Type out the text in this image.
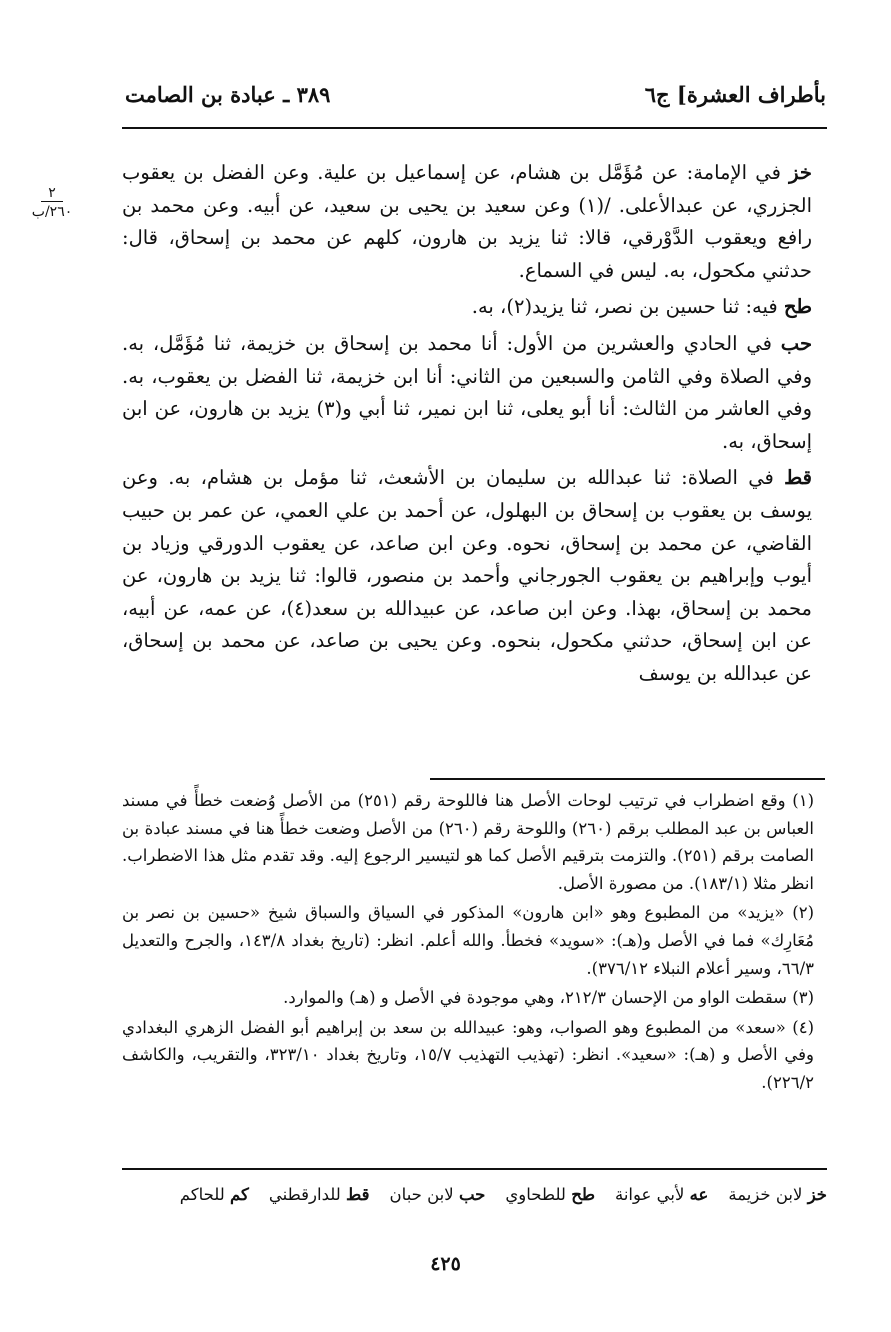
بأطراف العشرة] ج٦
٣٨٩ ـ عبادة بن الصامت
٢
٢٦٠/ب

خز في الإمامة: عن مُؤَمَّل بن هشام، عن إسماعيل بن علية. وعن الفضل بن يعقوب الجزري، عن عبدالأعلى. /(١) وعن سعيد بن يحيى بن سعيد، عن أبيه. وعن محمد بن رافع ويعقوب الدَّوْرقي، قالا: ثنا يزيد بن هارون، كلهم عن محمد بن إسحاق، قال: حدثني مكحول، به. ليس في السماع.

طح فيه: ثنا حسين بن نصر، ثنا يزيد(٢)، به.

حب في الحادي والعشرين من الأول: أنا محمد بن إسحاق بن خزيمة، ثنا مُؤَمَّل، به. وفي الصلاة وفي الثامن والسبعين من الثاني: أنا ابن خزيمة، ثنا الفضل بن يعقوب، به. وفي العاشر من الثالث: أنا أبو يعلى، ثنا ابن نمير، ثنا أبي و(٣) يزيد بن هارون، عن ابن إسحاق، به.

قط في الصلاة: ثنا عبدالله بن سليمان بن الأشعث، ثنا مؤمل بن هشام، به. وعن يوسف بن يعقوب بن إسحاق بن البهلول، عن أحمد بن علي العمي، عن عمر بن حبيب القاضي، عن محمد بن إسحاق، نحوه. وعن ابن صاعد، عن يعقوب الدورقي وزياد بن أيوب وإبراهيم بن يعقوب الجورجاني وأحمد بن منصور، قالوا: ثنا يزيد بن هارون، عن محمد بن إسحاق، بهذا. وعن ابن صاعد، عن عبيدالله بن سعد(٤)، عن عمه، عن أبيه، عن ابن إسحاق، حدثني مكحول، بنحوه. وعن يحيى بن صاعد، عن محمد بن إسحاق، عن عبدالله بن يوسف

(١) وقع اضطراب في ترتيب لوحات الأصل هنا فاللوحة رقم (٢٥١) من الأصل وُضعت خطأً في مسند العباس بن عبد المطلب برقم (٢٦٠) واللوحة رقم (٢٦٠) من الأصل وضعت خطأً هنا في مسند عبادة بن الصامت برقم (٢٥١). والتزمت بترقيم الأصل كما هو لتيسير الرجوع إليه. وقد تقدم مثل هذا الاضطراب. انظر مثلا (١٨٣/١). من مصورة الأصل.

(٢) «يزيد» من المطبوع وهو «ابن هارون» المذكور في السياق والسباق شيخ «حسين بن نصر بن مُعَارِك» فما في الأصل و(هـ): «سويد» فخطأ. والله أعلم. انظر: (تاريخ بغداد ١٤٣/٨، والجرح والتعديل ٦٦/٣، وسير أعلام النبلاء ٣٧٦/١٢).

(٣) سقطت الواو من الإحسان ٢١٢/٣، وهي موجودة في الأصل و (هـ) والموارد.

(٤) «سعد» من المطبوع وهو الصواب، وهو: عبيدالله بن سعد بن إبراهيم أبو الفضل الزهري البغدادي وفي الأصل و (هـ): «سعيد». انظر: (تهذيب التهذيب ١٥/٧، وتاريخ بغداد ٣٢٣/١٠، والتقريب، والكاشف ٢٢٦/٢).

خز لابن خزيمة
عه لأبي عوانة
طح للطحاوي
حب لابن حبان
قط للدارقطني
كم للحاكم
٤٢٥
